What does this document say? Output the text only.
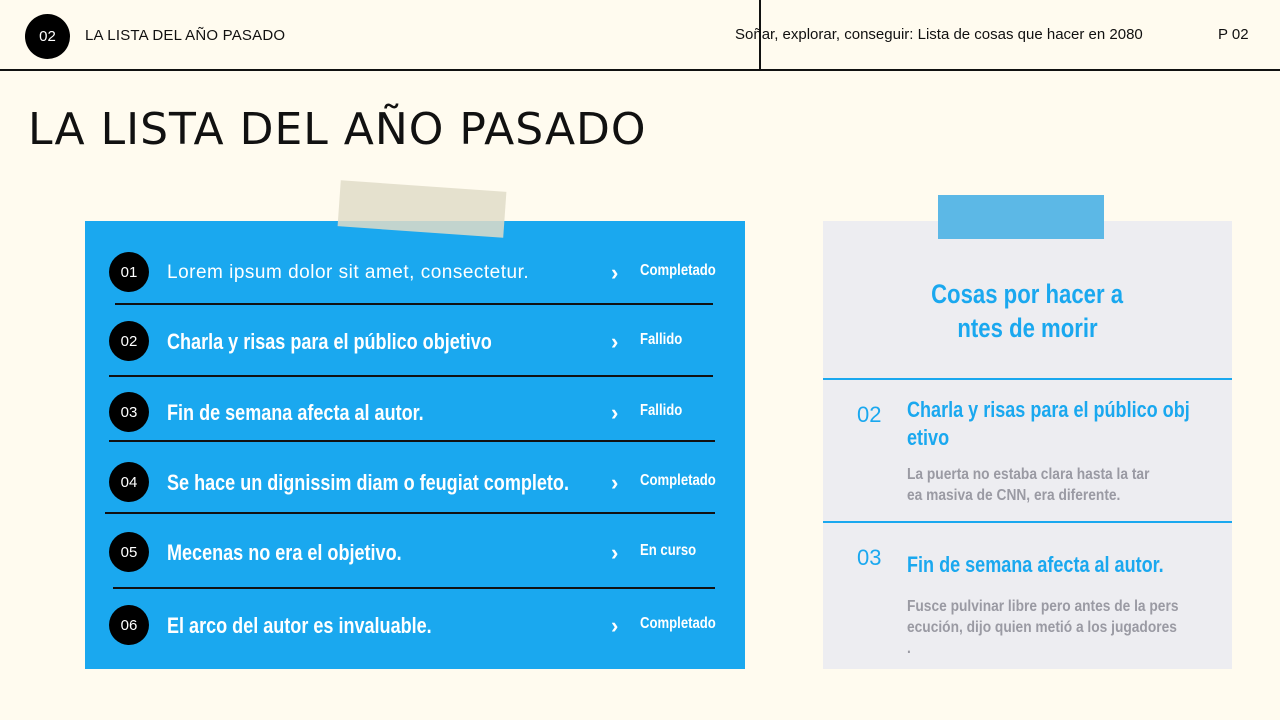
02	LA LISTA DEL AÑO PASADO	Soñar, explorar, conseguir: Lista de cosas que hacer en 2080	P 02
LA LISTA DEL AÑO PASADO
01	Lorem ipsum dolor sit amet, consectetur.	› Completado
02	Charla y risas para el público objetivo	› Fallido
03	Fin de semana afecta al autor.	› Fallido
04	Se hace un dignissim diam o feugiat completo. › Completado
05	Mecenas no era el objetivo.	› En curso
06	El arco del autor es invaluable.	› Completado
Cosas por hacer a
ntes de morir
02 Charla y risas para el público obj
etivo
La puerta no estaba clara hasta la tar
ea masiva de CNN, era diferente.
03 Fin de semana afecta al autor.
Fusce pulvinar libre pero antes de la pers
ecución, dijo quien metió a los jugadores
.
